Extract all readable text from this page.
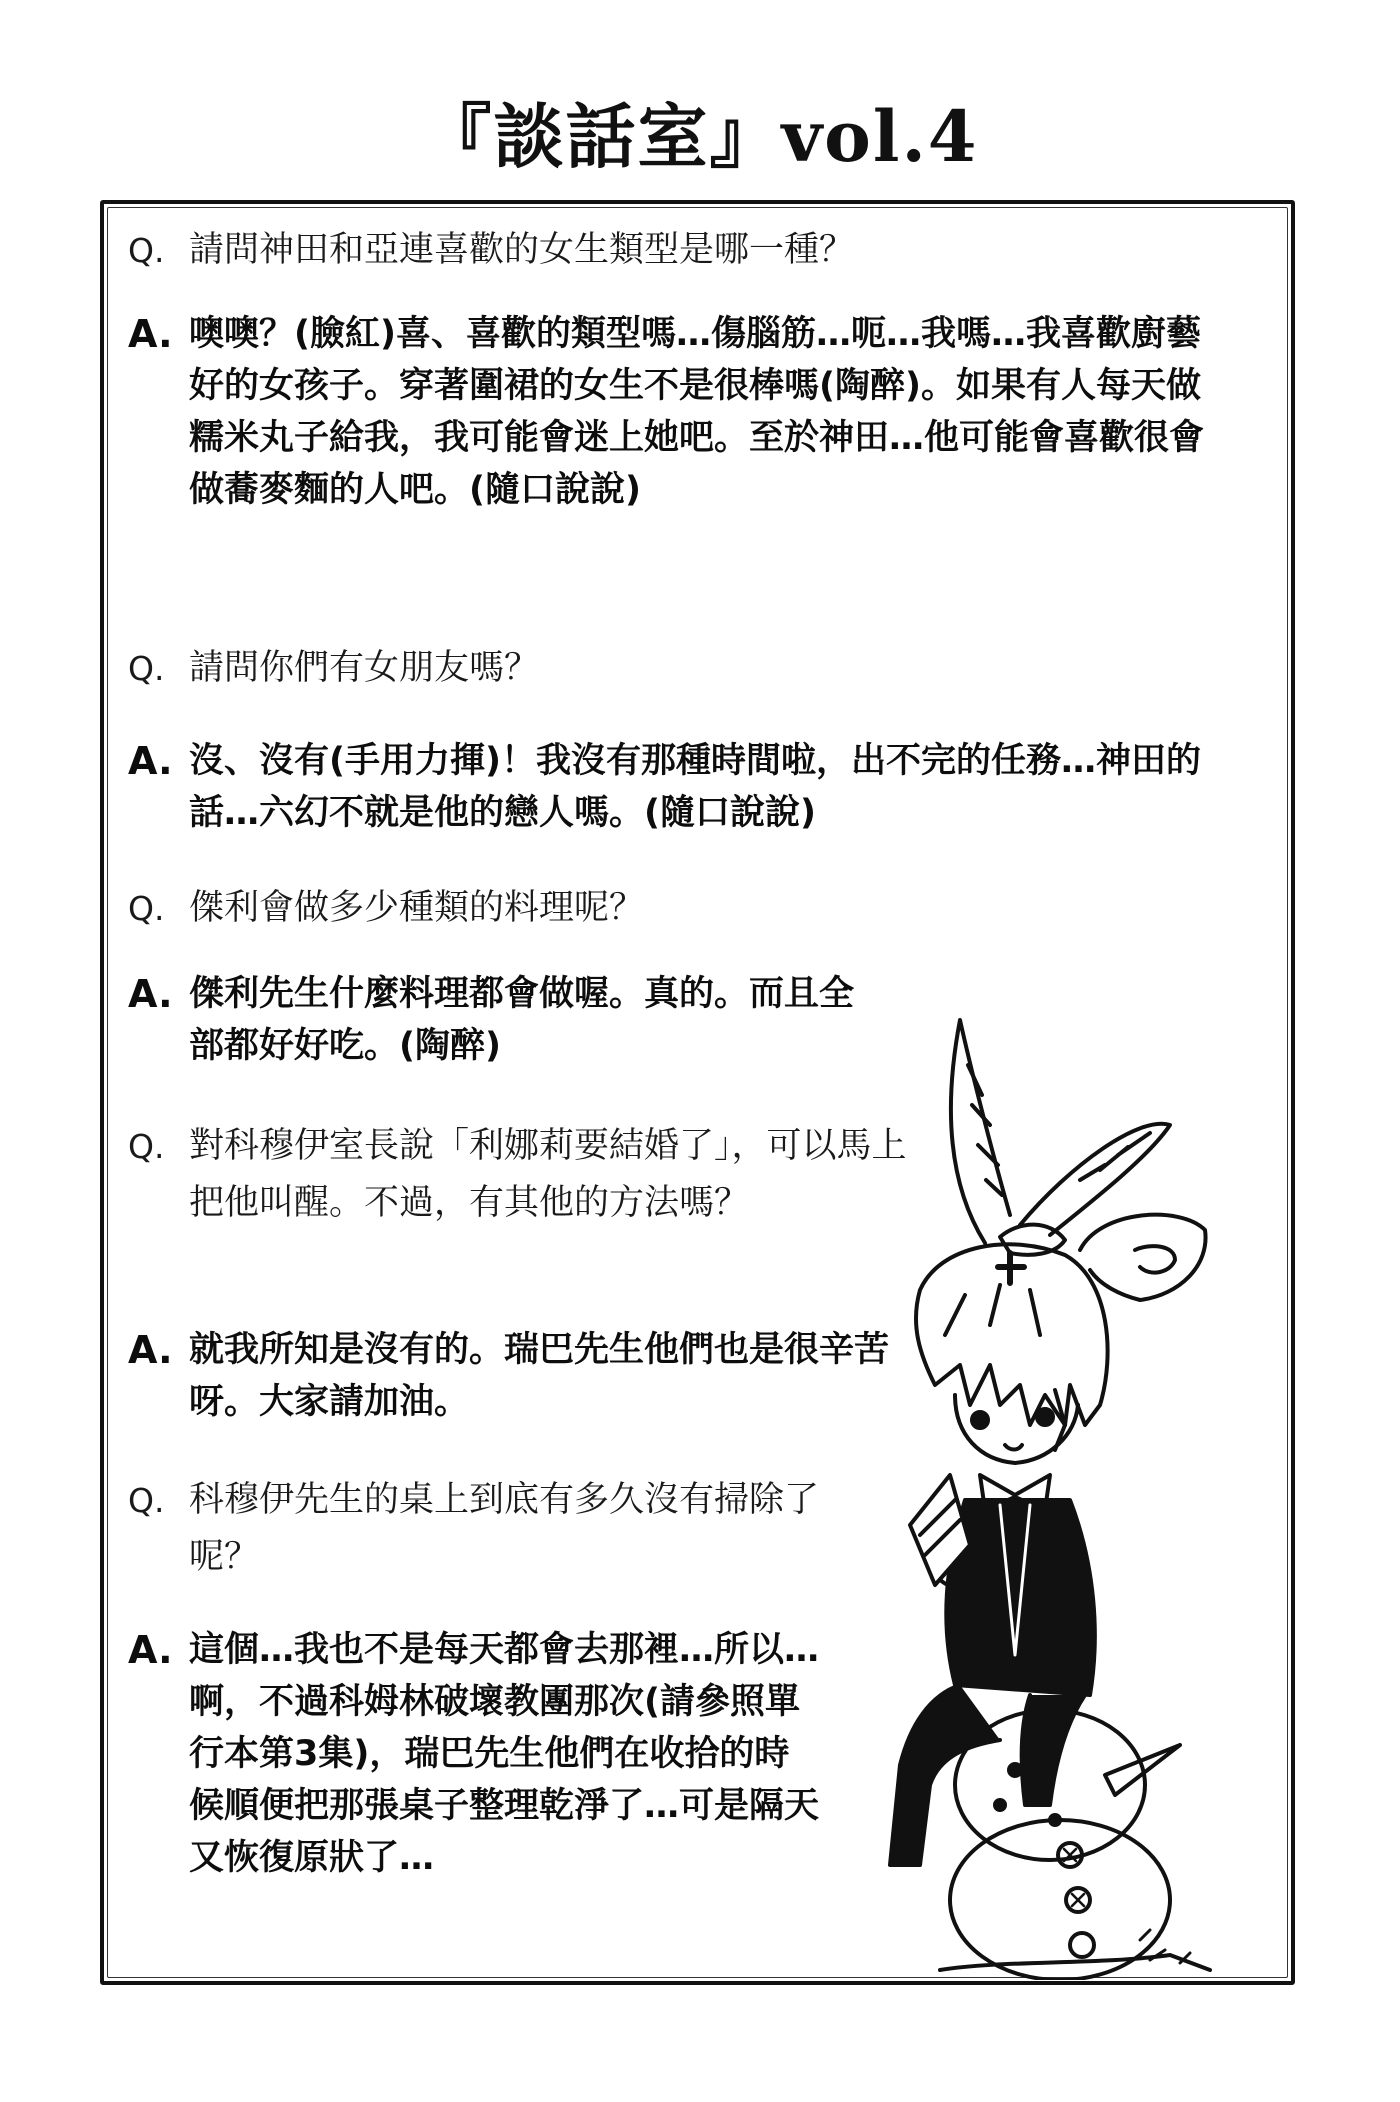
『談話室』vol.4
Q. 請問神田和亞連喜歡的女生類型是哪一種？
A. 噢噢？(臉紅)喜、喜歡的類型嗎…傷腦筋…呃…我嗎…我喜歡廚藝好的女孩子。穿著圍裙的女生不是很棒嗎(陶醉)。如果有人每天做糯米丸子給我，我可能會迷上她吧。至於神田…他可能會喜歡很會做蕎麥麵的人吧。(隨口說說)
Q. 請問你們有女朋友嗎？
A. 沒、沒有(手用力揮)！我沒有那種時間啦，出不完的任務…神田的話…六幻不就是他的戀人嗎。(隨口說說)
Q. 傑利會做多少種類的料理呢？
A. 傑利先生什麼料理都會做喔。真的。而且全部都好好吃。(陶醉)
Q. 對科穆伊室長說「利娜莉要結婚了」，可以馬上把他叫醒。不過，有其他的方法嗎？
A. 就我所知是沒有的。瑞巴先生他們也是很辛苦呀。大家請加油。
Q. 科穆伊先生的桌上到底有多久沒有掃除了呢？
A. 這個…我也不是每天都會去那裡…所以…啊，不過科姆林破壞教團那次(請參照單行本第3集)，瑞巴先生他們在收拾的時候順便把那張桌子整理乾淨了…可是隔天又恢復原狀了…
